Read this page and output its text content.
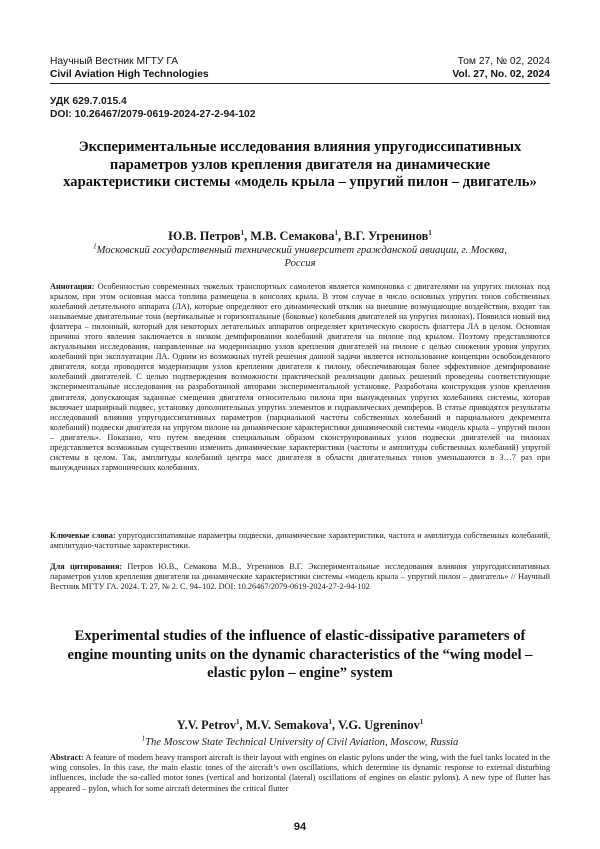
Научный Вестник МГТУ ГА	Том 27, № 02, 2024
Civil Aviation High Technologies	Vol. 27, No. 02, 2024
УДК 629.7.015.4
DOI: 10.26467/2079-0619-2024-27-2-94-102
Экспериментальные исследования влияния упругодиссипативных параметров узлов крепления двигателя на динамические характеристики системы «модель крыла – упругий пилон – двигатель»
Ю.В. Петров$^1$, М.В. Семакова$^1$, В.Г. Угренинов$^1$
$^1$Московский государственный технический университет гражданской авиации, г. Москва, Россия
Аннотация: Особенностью современных тяжелых транспортных самолетов является компоновка с двигателями на упругих пилонах под крылом, при этом основная масса топлива размещена в консолях крыла. В этом случае в число основных упругих тонов собственных колебаний летательного аппарата (ЛА), которые определяют его динамический отклик на внешние возмущающие воздействия, входят так называемые двигательные тона (вертикальные и горизонтальные (боковые) колебания двигателей на упругих пилонах). Появился новый вид флаттера – пилонный, который для некоторых летательных аппаратов определяет критическую скорость флаттера ЛА в целом. Основная причина этого явления заключается в низком демпфировании колебаний двигателя на пилоне под крылом. Поэтому представляются актуальными исследования, направленные на модернизацию узлов крепления двигателей на пилоне с целью снижения уровня упругих колебаний при эксплуатации ЛА. Одним из возможных путей решения данной задачи является использование концепции освобожденного двигателя, когда проводится модернизация узлов крепления двигателя к пилону, обеспечивающая более эффективное демпфирование колебаний двигателей. С целью подтверждения возможности практической реализации данных решений проведены соответствующие экспериментальные исследования на разработанной авторами экспериментальной установке. Разработана конструкция узлов крепления двигателя, допускающая заданные смещения двигателя относительно пилона при вынужденных упругих колебаниях системы, которая включает шарнирный подвес, установку дополнительных упругих элементов и гидравлических демпферов. В статье приводятся результаты исследований влияния упругодиссипативных параметров (парциальной частоты собственных колебаний и парциального декремента колебаний) подвески двигателя на упругом пилоне на динамические характеристики динамической системы «модель крыла – упругий пилон – двигатель». Показано, что путем введения специальным образом сконструированных узлов подвески двигателей на пилонах представляется возможным существенно изменить динамические характеристики (частоты и амплитуды собственных колебаний) упругой системы в целом. Так, амплитуды колебаний центра масс двигателя в области двигательных тонов уменьшаются в 3…7 раз при вынужденных гармонических колебаниях.
Ключевые слова: упругодиссипативные параметры подвески, динамические характеристики, частота и амплитуда собственных колебаний, амплитудно-частотные характеристики.
Для цитирования: Петров Ю.В., Семакова М.В., Угренинов В.Г. Экспериментальные исследования влияния упругодиссипативных параметров узлов крепления двигателя на динамические характеристики системы «модель крыла – упругий пилон – двигатель» // Научный Вестник МГТУ ГА. 2024. Т. 27, № 2. С. 94–102. DOI: 10.26467/2079-0619-2024-27-2-94-102
Experimental studies of the influence of elastic-dissipative parameters of engine mounting units on the dynamic characteristics of the “wing model – elastic pylon – engine” system
Y.V. Petrov$^1$, M.V. Semakova$^1$, V.G. Ugreninov$^1$
$^1$The Moscow State Technical University of Civil Aviation, Moscow, Russia
Abstract: A feature of modern heavy transport aircraft is their layout with engines on elastic pylons under the wing, with the fuel tanks located in the wing consoles. In this case, the main elastic tones of the aircraft’s own oscillations, which determine its dynamic response to external disturbing influences, include the so-called motor tones (vertical and horizontal (lateral) oscillations of engines on elastic pylons). A new type of flutter has appeared – pylon, which for some aircraft determines the critical flutter
94
